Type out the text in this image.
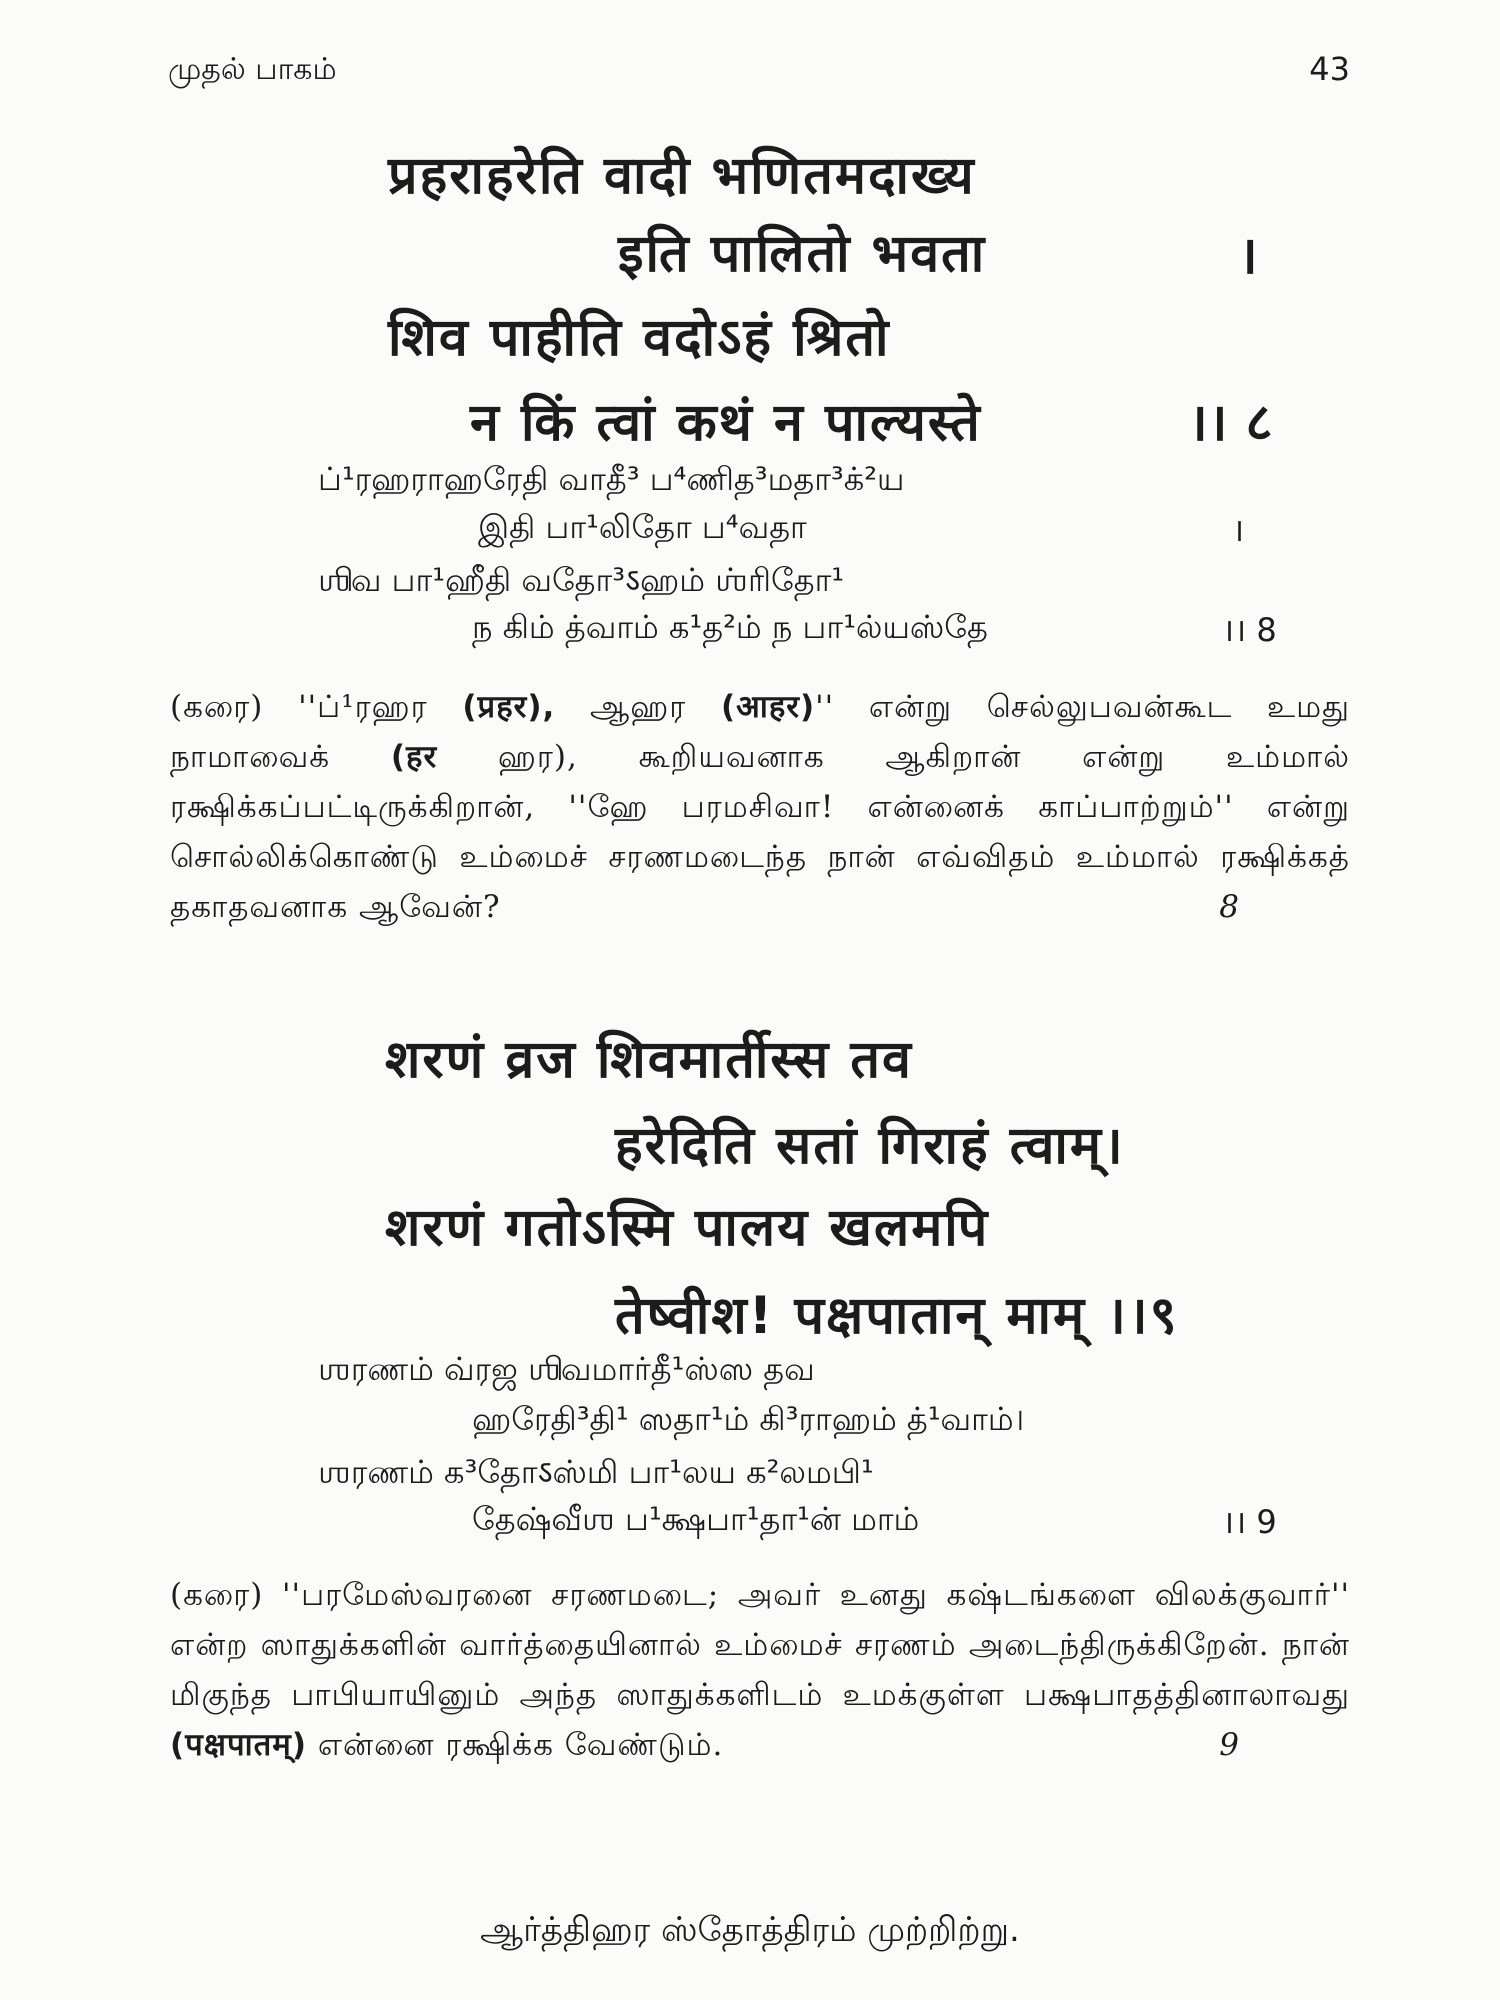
முதல் பாகம்	43
प्रहराहरेति वादी भणितमदाख्य
इति पालितो भवता	।
शिव पाहीति वदोऽहं श्रितो
न किं त्वां कथं न पाल्यस्ते	।। ८
ப்¹ரஹராஹரேதி வாதீ³ ப⁴ணித³மதா³க்²ய
இதி பா¹லிதோ ப⁴வதா	।
ஶிவ பா¹ஹீதி வதோ³ऽஹம் ஶ்ரிதோ¹
ந கிம் த்வாம் க¹த²ம் ந பா¹ல்யஸ்தே	।। 8
(கரை) ''ப்¹ரஹர (प्रहर), ஆஹர (आहर)'' என்று செல்லுபவன்கூட உமது நாமாவைக் (हर ஹர), கூறியவனாக ஆகிறான் என்று உம்மால் ரக்ஷிக்கப்பட்டிருக்கிறான், ''ஹே பரமசிவா! என்னைக் காப்பாற்றும்'' என்று சொல்லிக்கொண்டு உம்மைச் சரணமடைந்த நான் எவ்விதம் உம்மால் ரக்ஷிக்கத் தகாதவனாக ஆவேன்?	8
शरणं व्रज शिवमार्तीस्स तव
हरेदिति सतां गिराहं त्वाम्।
शरणं गतोऽस्मि पालय खलमपि
तेष्वीश! पक्षपातान् माम् ।।९
ஶரணம் வ்ரஜ ஶிவமார்தீ¹ஸ்ஸ தவ
ஹரேதி³தி¹ ஸதா¹ம் கி³ராஹம் த்¹வாம்।
ஶரணம் க³தோऽஸ்மி பா¹லய க²லமபி¹
தேஷ்வீஶ ப¹க்ஷபா¹தா¹ன் மாம்	।। 9
(கரை) ''பரமேஸ்வரனை சரணமடை; அவர் உனது கஷ்டங்களை விலக்குவார்'' என்ற ஸாதுக்களின் வார்த்தையினால் உம்மைச் சரணம் அடைந்திருக்கிறேன். நான் மிகுந்த பாபியாயினும் அந்த ஸாதுக்களிடம் உமக்குள்ள பக்ஷபாதத்தினாலாவது (पक्षपातम्) என்னை ரக்ஷிக்க வேண்டும்.	9
ஆர்த்திஹர ஸ்தோத்திரம் முற்றிற்று.
